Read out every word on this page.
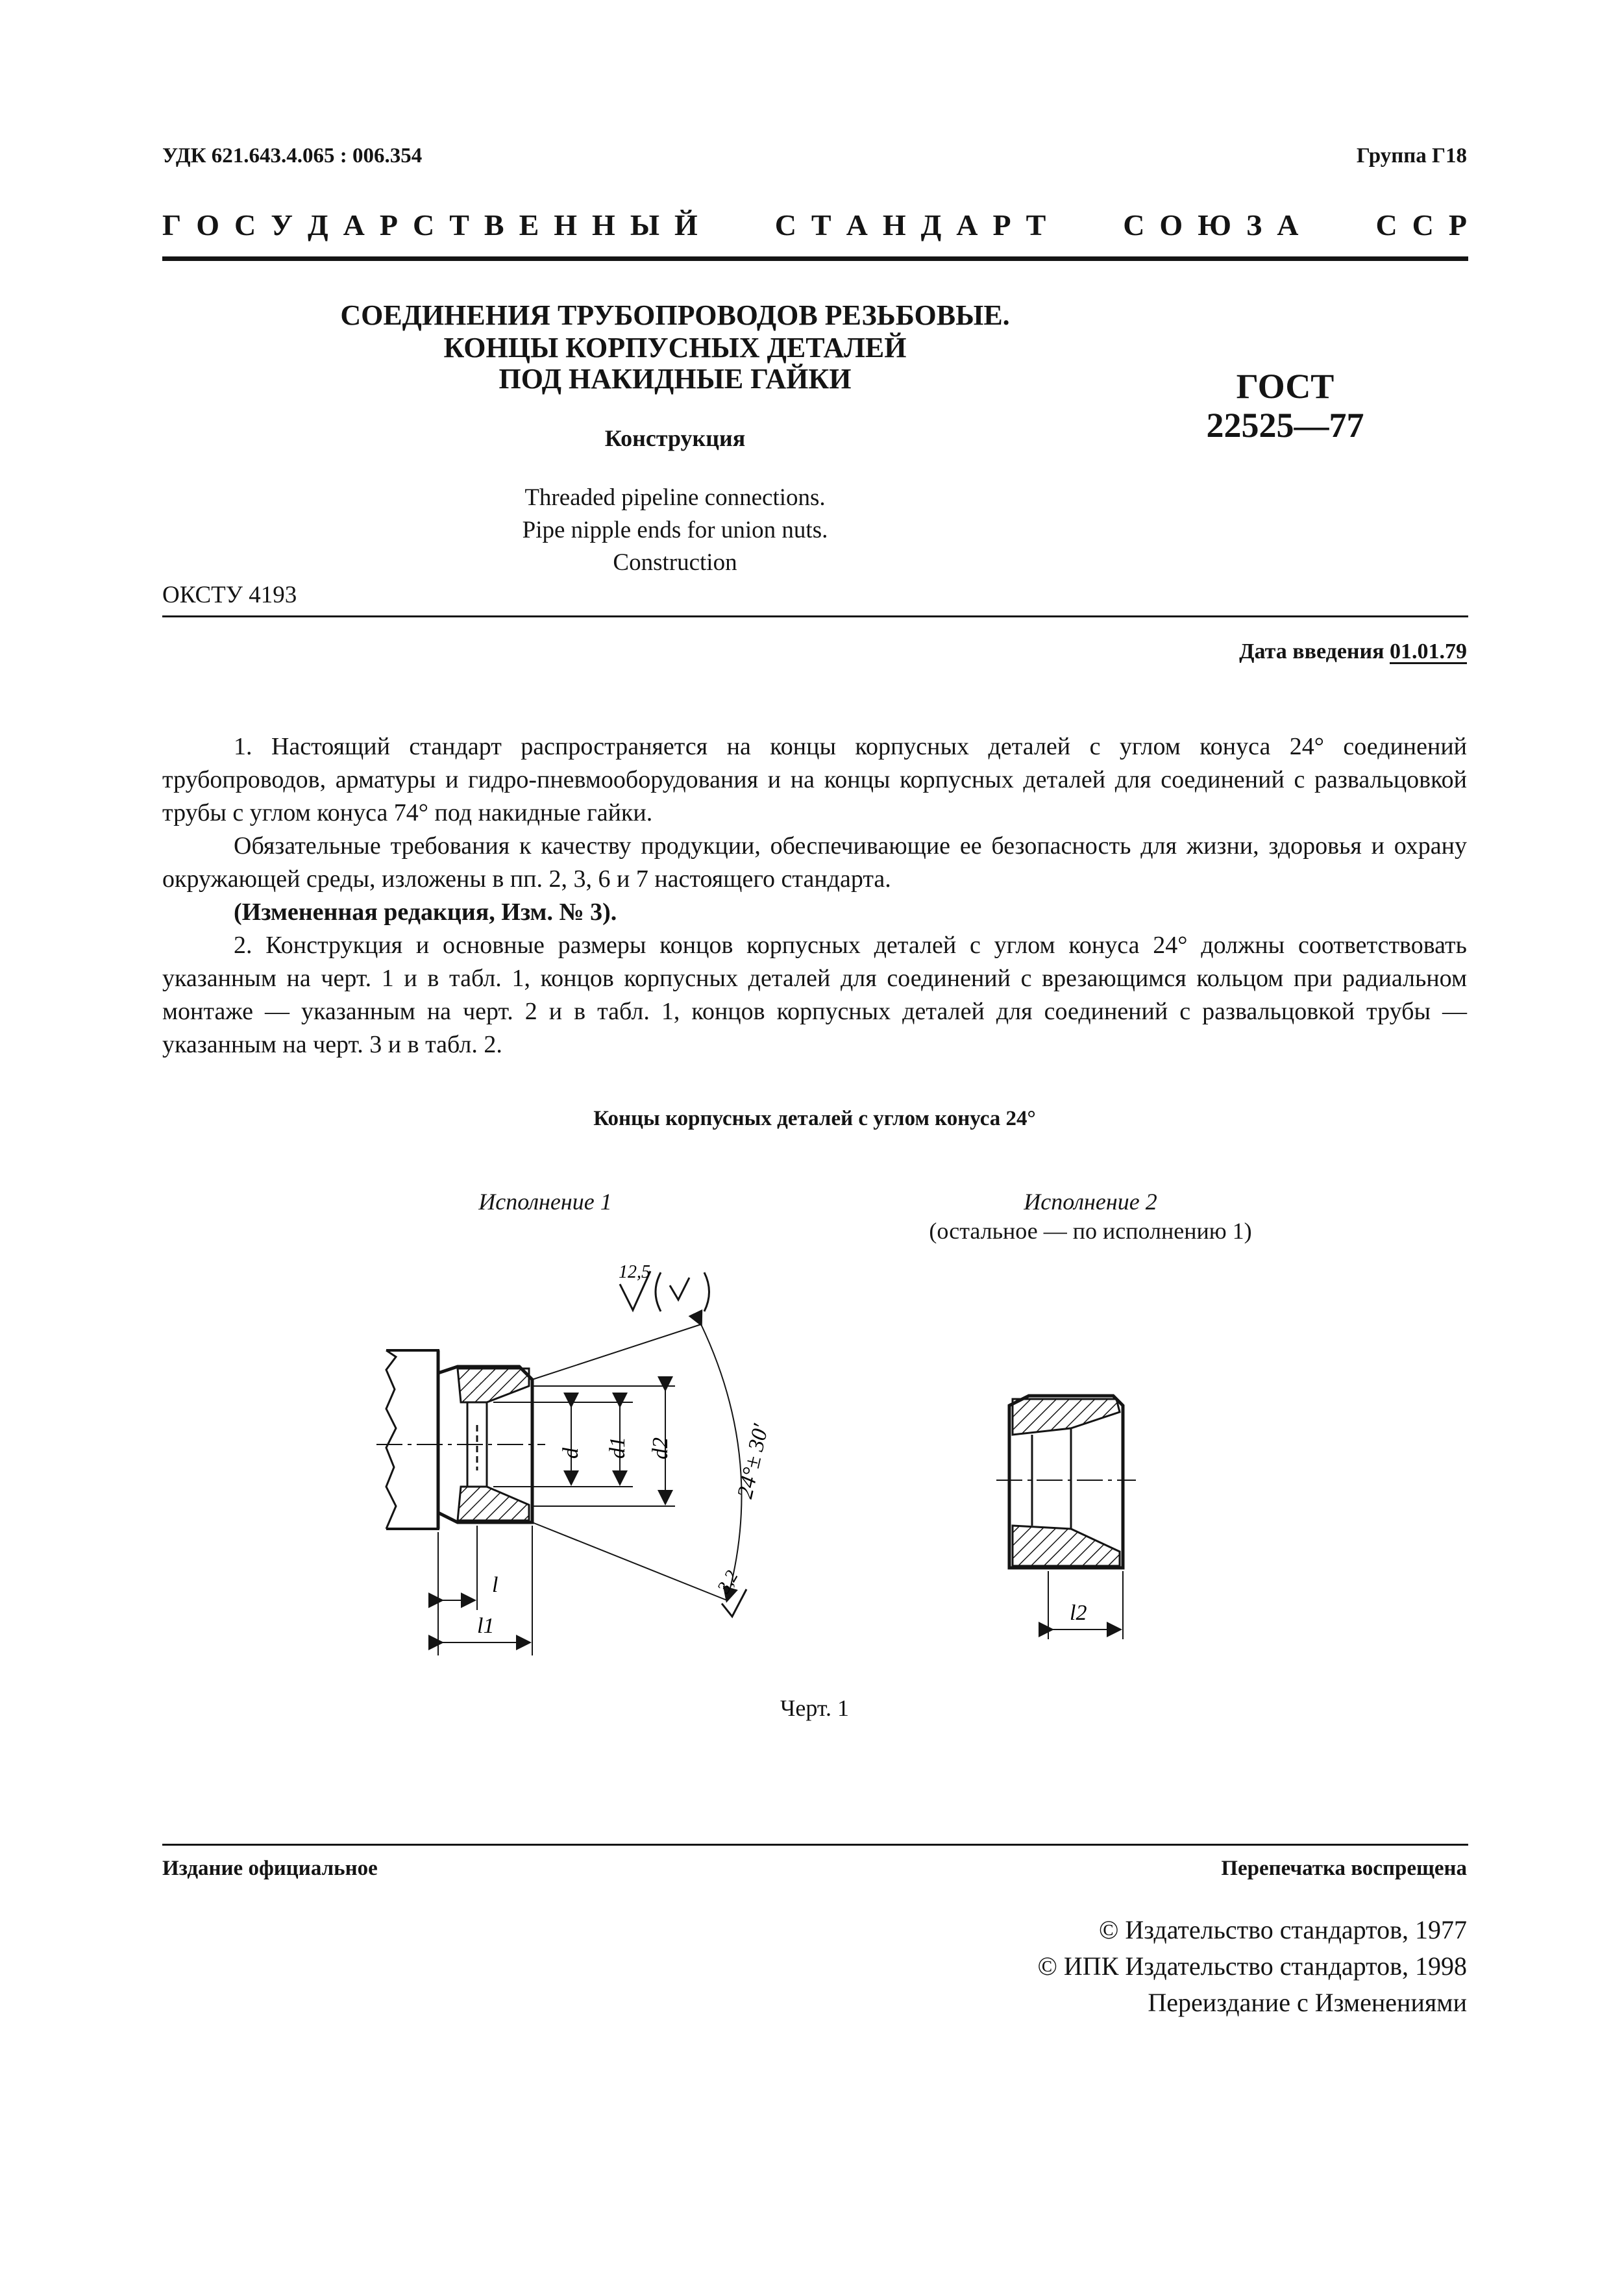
УДК 621.643.4.065 : 006.354	Группа Г18
Г О С У Д А Р С Т В Е Н Н Ы Й	С Т А Н Д А Р Т	С О Ю З А	С С Р
СОЕДИНЕНИЯ ТРУБОПРОВОДОВ РЕЗЬБОВЫЕ.
КОНЦЫ КОРПУСНЫХ ДЕТАЛЕЙ
ПОД НАКИДНЫЕ ГАЙКИ
Конструкция
Threaded pipeline connections.
Pipe nipple ends for union nuts.
Construction
ГОСТ
22525—77
ОКСТУ 4193
Дата введения 01.01.79

1. Настоящий стандарт распространяется на концы корпусных деталей с углом конуса 24° соединений трубопроводов, арматуры и гидро-пневмооборудования и на концы корпусных деталей для соединений с развальцовкой трубы с углом конуса 74° под накидные гайки.

Обязательные требования к качеству продукции, обеспечивающие ее безопасность для жизни, здоровья и охрану окружающей среды, изложены в пп. 2, 3, 6 и 7 настоящего стандарта.

(Измененная редакция, Изм. № 3).

2. Конструкция и основные размеры концов корпусных деталей с углом конуса 24° должны соответствовать указанным на черт. 1 и в табл. 1, концов корпусных деталей для соединений с врезающимся кольцом при радиальном монтаже — указанным на черт. 2 и в табл. 1, концов корпусных деталей для соединений с развальцовкой трубы — указанным на черт. 3 и в табл. 2.

Концы корпусных деталей с углом конуса 24°
Исполнение 1	Исполнение 2
(остальное — по исполнению 1)
12,5
3,2
d d1 d2	24°± 30′
l
l1
l2
Черт. 1
Издание официальное	Перепечатка воспрещена
© Издательство стандартов, 1977
© ИПК Издательство стандартов, 1998
Переиздание с Изменениями
